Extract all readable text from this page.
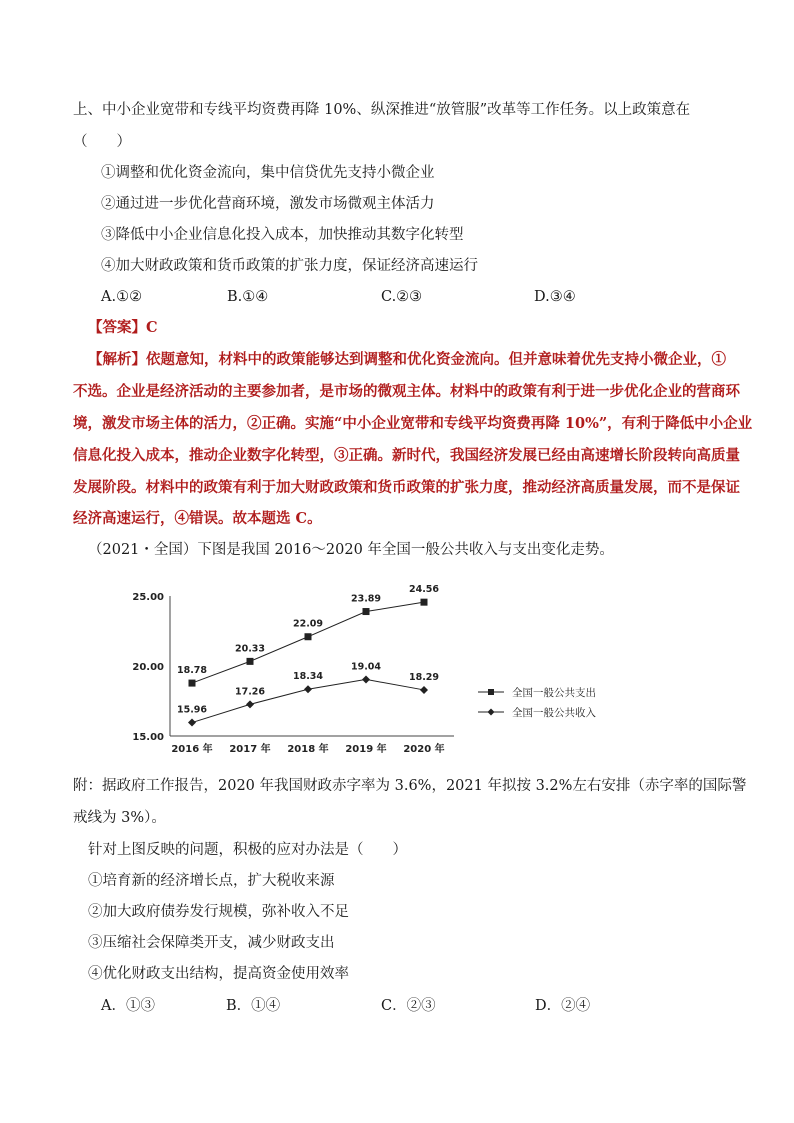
上、中小企业宽带和专线平均资费再降 10%、纵深推进“放管服”改革等工作任务。以上政策意在
（　　）
①调整和优化资金流向，集中信贷优先支持小微企业
②通过进一步优化营商环境，激发市场微观主体活力
③降低中小企业信息化投入成本，加快推动其数字化转型
④加大财政政策和货币政策的扩张力度，保证经济高速运行
A.①②	B.①④	C.②③	D.③④
【答案】C
【解析】依题意知，材料中的政策能够达到调整和优化资金流向。但并意味着优先支持小微企业，①
不选。企业是经济活动的主要参加者，是市场的微观主体。材料中的政策有利于进一步优化企业的营商环
境，激发市场主体的活力，②正确。实施“中小企业宽带和专线平均资费再降 10%”，有利于降低中小企业
信息化投入成本，推动企业数字化转型，③正确。新时代，我国经济发展已经由高速增长阶段转向高质量
发展阶段。材料中的政策有利于加大财政政策和货币政策的扩张力度，推动经济高质量发展，而不是保证
经济高速运行，④错误。故本题选 C。
（2021・全国）下图是我国 2016～2020 年全国一般公共收入与支出变化走势。
15.00
20.00
25.00
2016 年 2017 年 2018 年 2019 年 2020 年
18.78
20.33
22.09
23.89
24.56
15.96
17.26
18.34
19.04
18.29
全国一般公共支出
全国一般公共收入
附：据政府工作报告，2020 年我国财政赤字率为 3.6%，2021 年拟按 3.2%左右安排（赤字率的国际警
戒线为 3%）。
针对上图反映的问题，积极的应对办法是（　　）
①培育新的经济增长点，扩大税收来源
②加大政府债券发行规模，弥补收入不足
③压缩社会保障类开支，减少财政支出
④优化财政支出结构，提高资金使用效率
A．①③	B．①④	C．②③	D．②④
